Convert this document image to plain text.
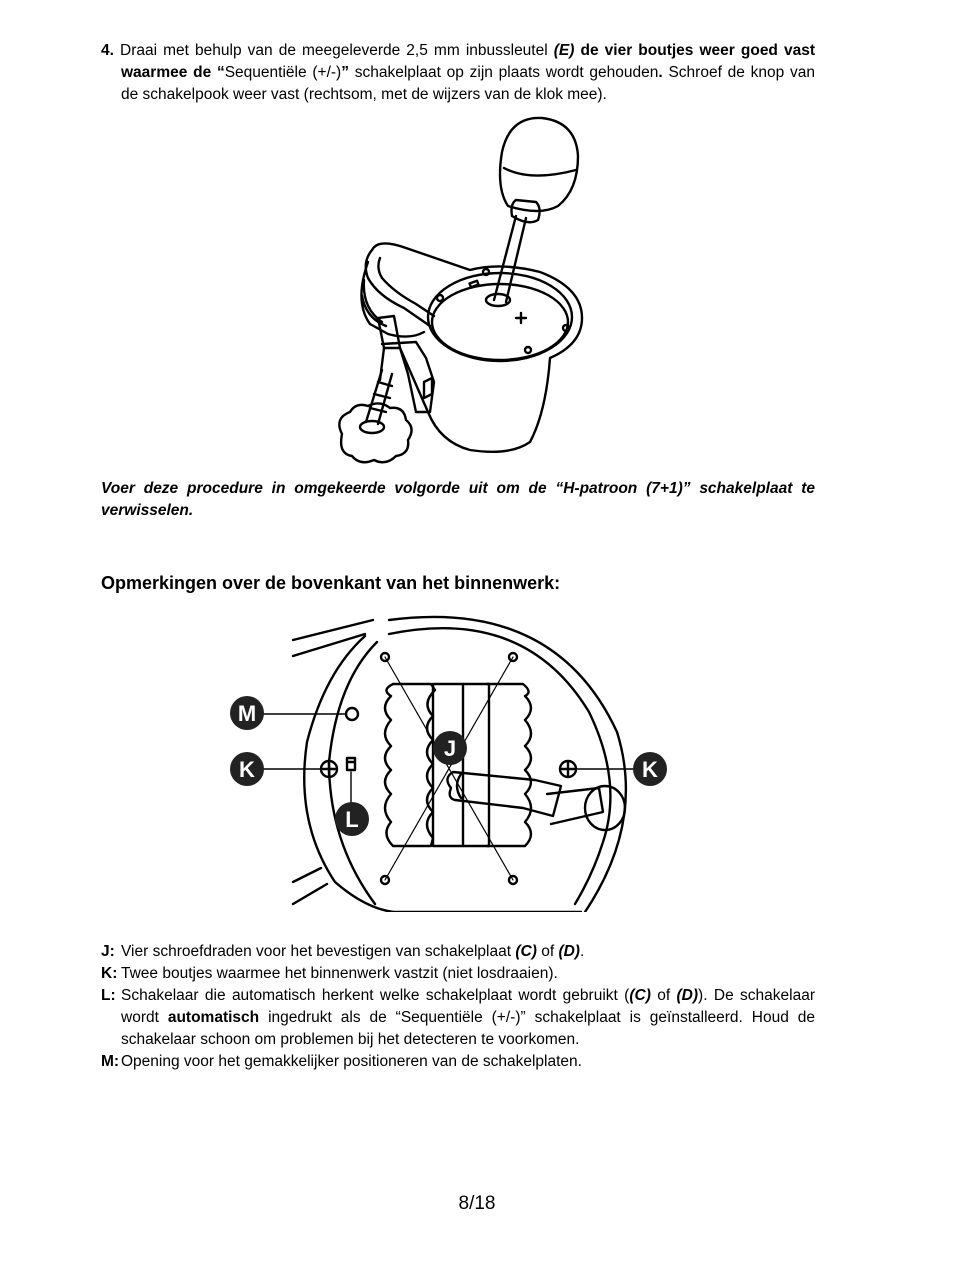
4. Draai met behulp van de meegeleverde 2,5 mm inbussleutel (E) de vier boutjes weer goed vast waarmee de “Sequentiële (+/-)” schakelplaat op zijn plaats wordt gehouden. Schroef de knop van de schakelpook weer vast (rechtsom, met de wijzers van de klok mee).
Voer deze procedure in omgekeerde volgorde uit om de “H-patroon (7+1)” schakelplaat te verwisselen.
Opmerkingen over de bovenkant van het binnenwerk:
M
K
J
L
K
J: Vier schroefdraden voor het bevestigen van schakelplaat (C) of (D).
K: Twee boutjes waarmee het binnenwerk vastzit (niet losdraaien).
L: Schakelaar die automatisch herkent welke schakelplaat wordt gebruikt ((C) of (D)). De schakelaar wordt automatisch ingedrukt als de “Sequentiële (+/-)” schakelplaat is geïnstalleerd. Houd de schakelaar schoon om problemen bij het detecteren te voorkomen.
M: Opening voor het gemakkelijker positioneren van de schakelplaten.
8/18
